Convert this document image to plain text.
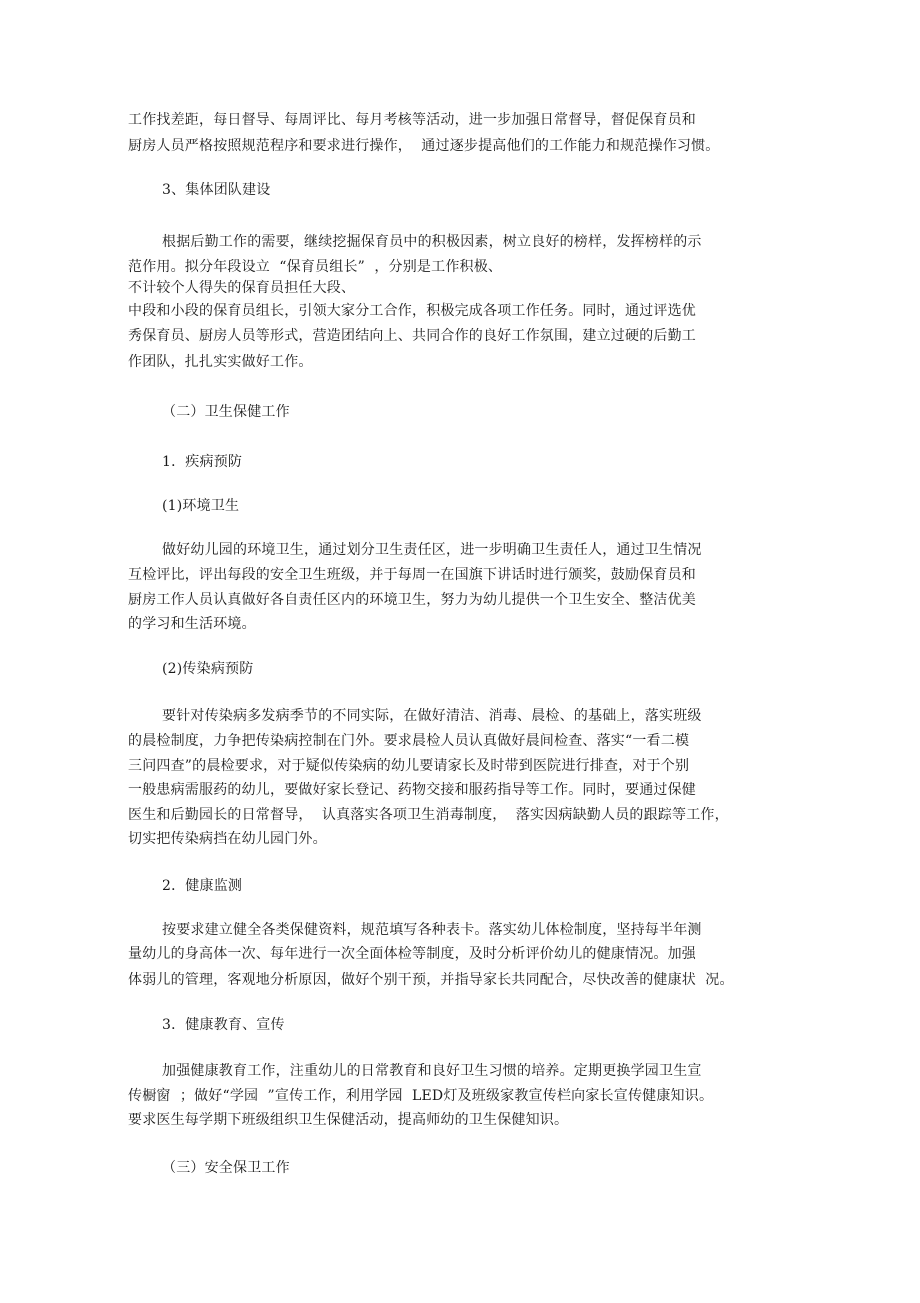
工作找差距，每日督导、每周评比、每月考核等活动，进一步加强日常督导，督促保育员和
厨房人员严格按照规范程序和要求进行操作，  通过逐步提高他们的工作能力和规范操作习惯。
3、集体团队建设
根据后勤工作的需要，继续挖掘保育员中的积极因素，树立良好的榜样，发挥榜样的示
范作用。拟分年段设立  “保育员组长”  ，分别是工作积极、
不计较个人得失的保育员担任大段、
中段和小段的保育员组长，引领大家分工合作，积极完成各项工作任务。同时，通过评选优
秀保育员、厨房人员等形式，营造团结向上、共同合作的良好工作氛围，建立过硬的后勤工
作团队，扎扎实实做好工作。
（二）卫生保健工作
1．疾病预防
(1)环境卫生
做好幼儿园的环境卫生，通过划分卫生责任区，进一步明确卫生责任人，通过卫生情况
互检评比，评出每段的安全卫生班级，并于每周一在国旗下讲话时进行颁奖，鼓励保育员和
厨房工作人员认真做好各自责任区内的环境卫生，努力为幼儿提供一个卫生安全、整洁优美
的学习和生活环境。
(2)传染病预防
要针对传染病多发病季节的不同实际，在做好清洁、消毒、晨检、的基础上，落实班级
的晨检制度，力争把传染病控制在门外。要求晨检人员认真做好晨间检查、落实“一看二模
三问四查”的晨检要求，对于疑似传染病的幼儿要请家长及时带到医院进行排查，对于个别
一般患病需服药的幼儿，要做好家长登记、药物交接和服药指导等工作。同时，要通过保健
医生和后勤园长的日常督导，  认真落实各项卫生消毒制度，  落实因病缺勤人员的跟踪等工作，
切实把传染病挡在幼儿园门外。
2．健康监测
按要求建立健全各类保健资料，规范填写各种表卡。落实幼儿体检制度，坚持每半年测
量幼儿的身高体一次、每年进行一次全面体检等制度，及时分析评价幼儿的健康情况。加强
体弱儿的管理，客观地分析原因，做好个别干预，并指导家长共同配合，尽快改善的健康状  况。
3．健康教育、宣传
加强健康教育工作，注重幼儿的日常教育和良好卫生习惯的培养。定期更换学园卫生宣
传橱窗  ；做好“学园  ”宣传工作，利用学园  LED灯及班级家教宣传栏向家长宣传健康知识。
要求医生每学期下班级组织卫生保健活动，提高师幼的卫生保健知识。
（三）安全保卫工作
